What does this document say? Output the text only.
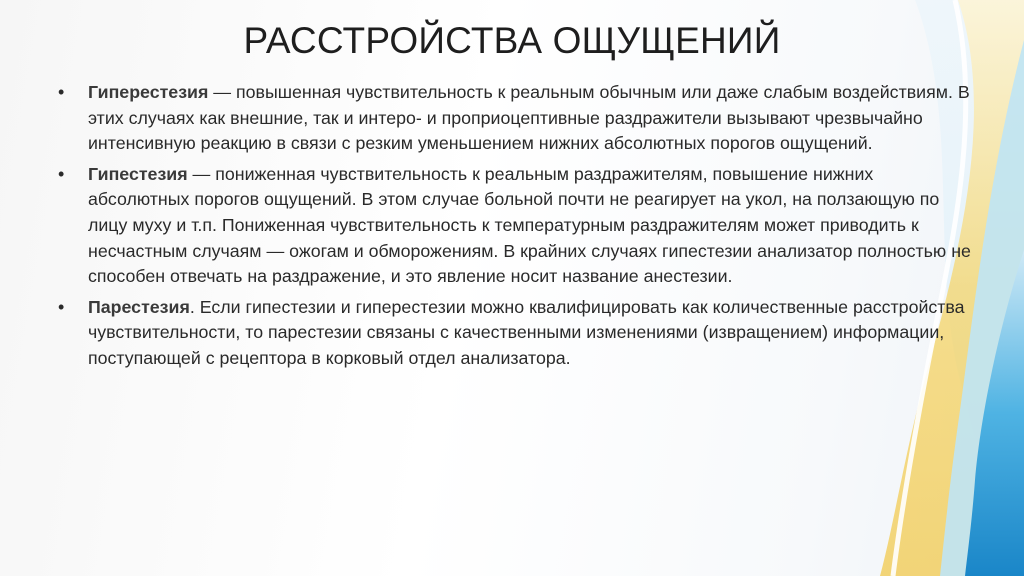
РАССТРОЙСТВА ОЩУЩЕНИЙ
• Гиперестезия — повышенная чувствительность к реальным обычным или даже слабым воздействиям. В этих случаях как внешние, так и интеро- и проприоцептивные раздражители вызывают чрезвычайно интенсивную реакцию в связи с резким уменьшением нижних абсолютных порогов ощущений.
• Гипестезия — пониженная чувствительность к реальным раздражителям, повышение нижних абсолютных порогов ощущений. В этом случае больной почти не реагирует на укол, на ползающую по лицу муху и т.п. Пониженная чувствительность к температурным раздражителям может приводить к несчастным случаям — ожогам и обморожениям. В крайних случаях гипестезии анализатор полностью не способен отвечать на раздражение, и это явление носит название анестезии.
• Парестезия. Если гипестезии и гиперестезии можно квалифицировать как количественные расстройства чувствительности, то парестезии связаны с качественными изменениями (извращением) информации, поступающей с рецептора в корковый отдел анализатора.
